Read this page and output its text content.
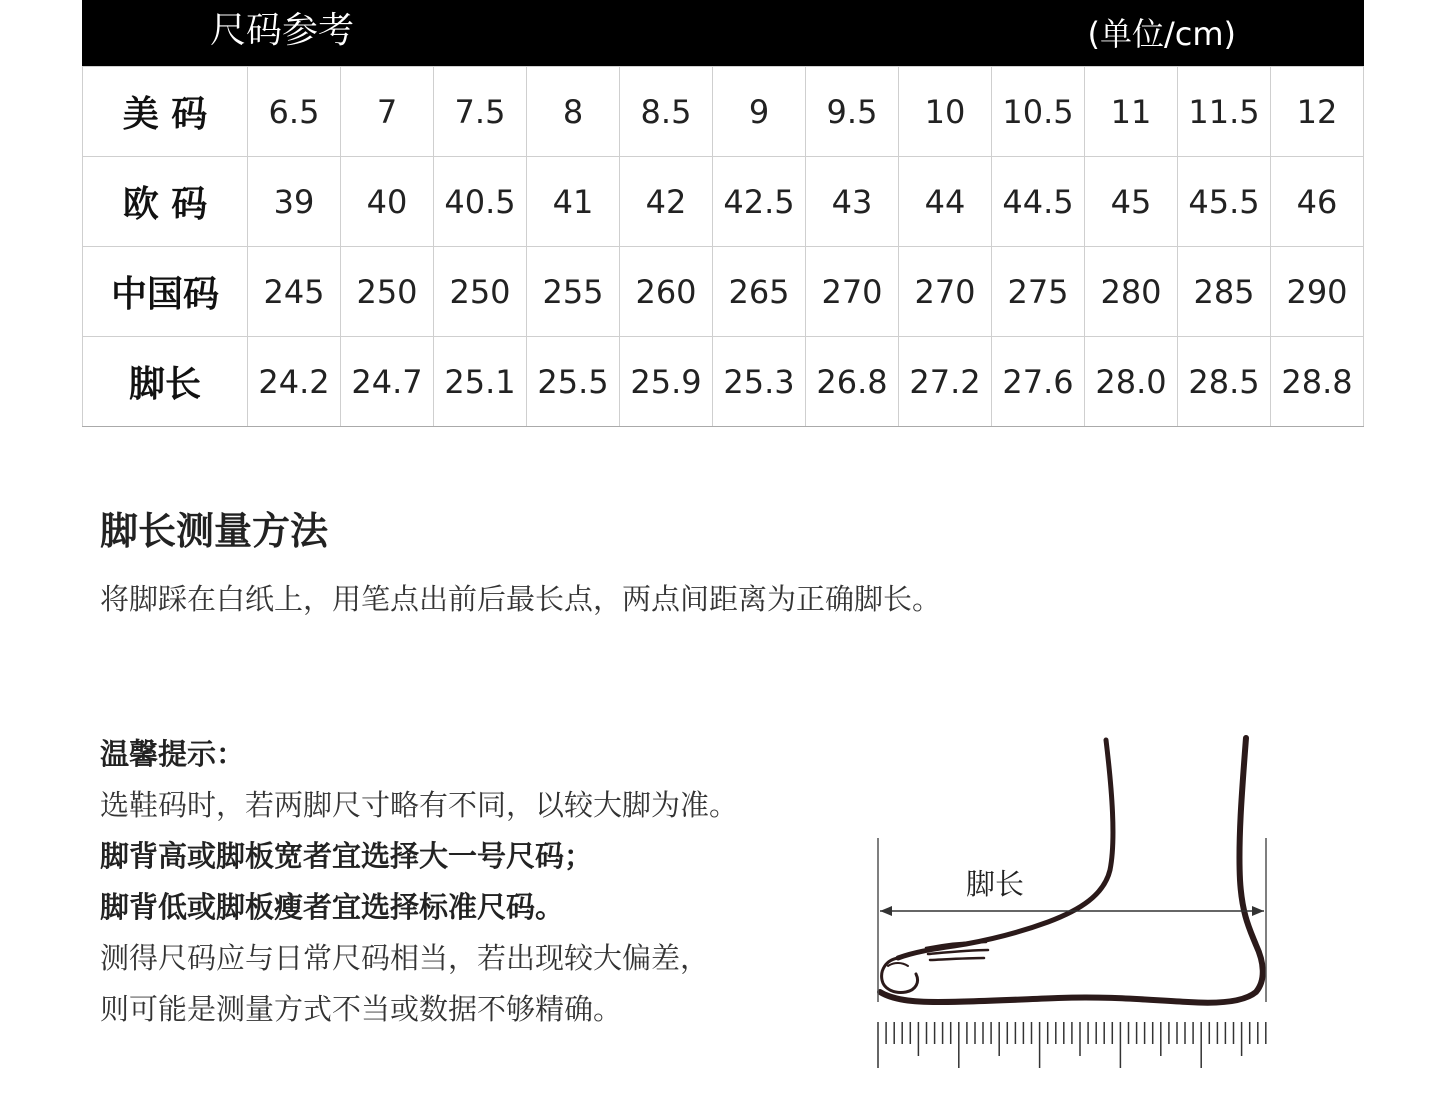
尺码参考	(单位/cm)
美 码	6.5	7	7.5	8	8.5	9	9.5	10	10.5	11	11.5	12
欧 码	39	40	40.5	41	42	42.5	43	44	44.5	45	45.5	46
中国码	245	250	250	255	260	265	270	270	275	280	285	290
脚长	24.2	24.7	25.1	25.5	25.9	25.3	26.8	27.2	27.6	28.0	28.5	28.8
脚长测量方法
将脚踩在白纸上，用笔点出前后最长点，两点间距离为正确脚长。

温馨提示：

选鞋码时，若两脚尺寸略有不同，以较大脚为准。

脚背高或脚板宽者宜选择大一号尺码；

脚背低或脚板瘦者宜选择标准尺码。

测得尺码应与日常尺码相当，若出现较大偏差，

则可能是测量方式不当或数据不够精确。

脚长
